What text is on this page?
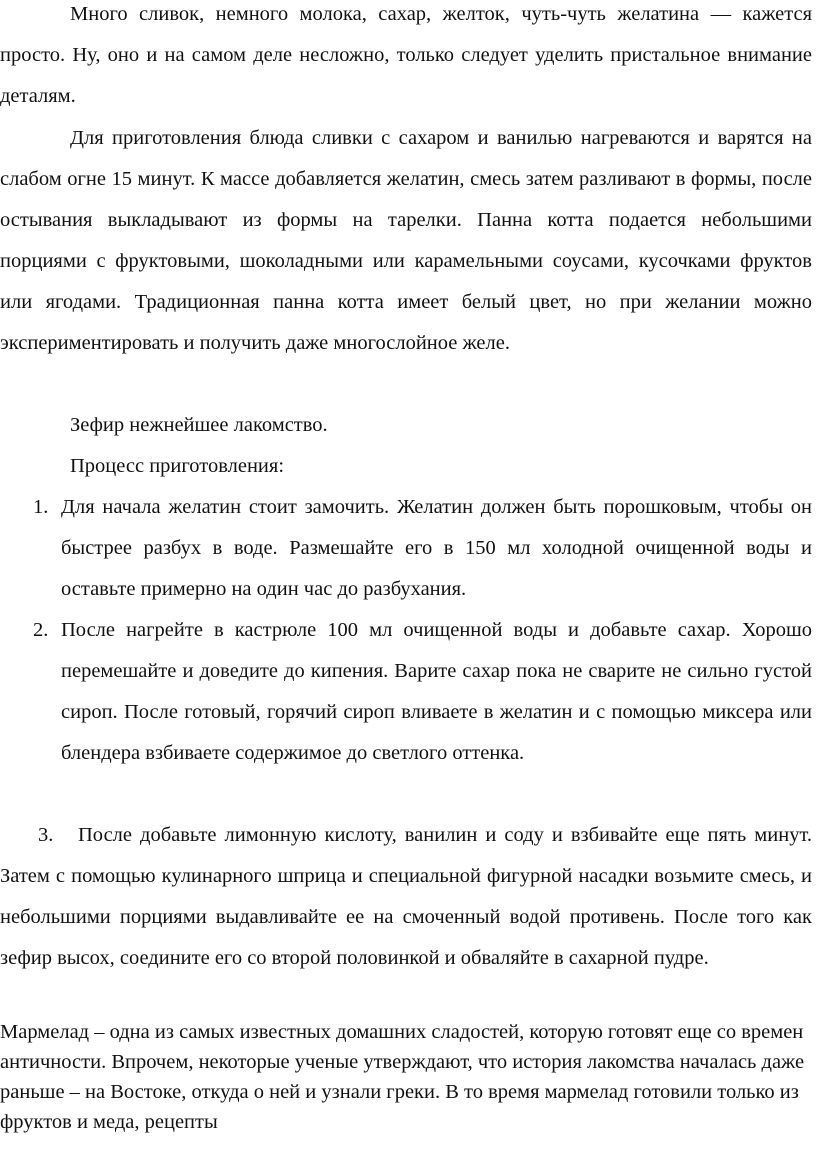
Много сливок, немного молока, сахар, желток, чуть-чуть желатина — кажется просто. Ну, оно и на самом деле несложно, только следует уделить пристальное внимание деталям.

Для приготовления блюда сливки с сахаром и ванилью нагреваются и варятся на слабом огне 15 минут. К массе добавляется желатин, смесь затем разливают в формы, после остывания выкладывают из формы на тарелки. Панна котта подается небольшими порциями с фруктовыми, шоколадными или карамельными соусами, кусочками фруктов или ягодами. Традиционная панна котта имеет белый цвет, но при желании можно экспериментировать и получить даже многослойное желе.

Зефир нежнейшее лакомство.

Процесс приготовления:

1. Для начала желатин стоит замочить. Желатин должен быть порошковым, чтобы он быстрее разбух в воде. Размешайте его в 150 мл холодной очищенной воды и оставьте примерно на один час до разбухания.
2. После нагрейте в кастрюле 100 мл очищенной воды и добавьте сахар. Хорошо перемешайте и доведите до кипения. Варите сахар пока не сварите не сильно густой сироп. После готовый, горячий сироп вливаете в желатин и с помощью миксера или блендера взбиваете содержимое до светлого оттенка.
После добавьте лимонную кислоту, ванилин и соду и взбивайте еще пять минут. Затем с помощью кулинарного шприца и специальной фигурной насадки возьмите смесь, и небольшими порциями выдавливайте ее на смоченный водой противень. После того как зефир высох, соедините его со второй половинкой и обваляйте в сахарной пудре.
3.

Мармелад – одна из самых известных домашних сладостей, которую готовят еще со времен античности. Впрочем, некоторые ученые утверждают, что история лакомства началась даже раньше – на Востоке, откуда о ней и узнали греки. В то время мармелад готовили только из фруктов и меда, рецепты
